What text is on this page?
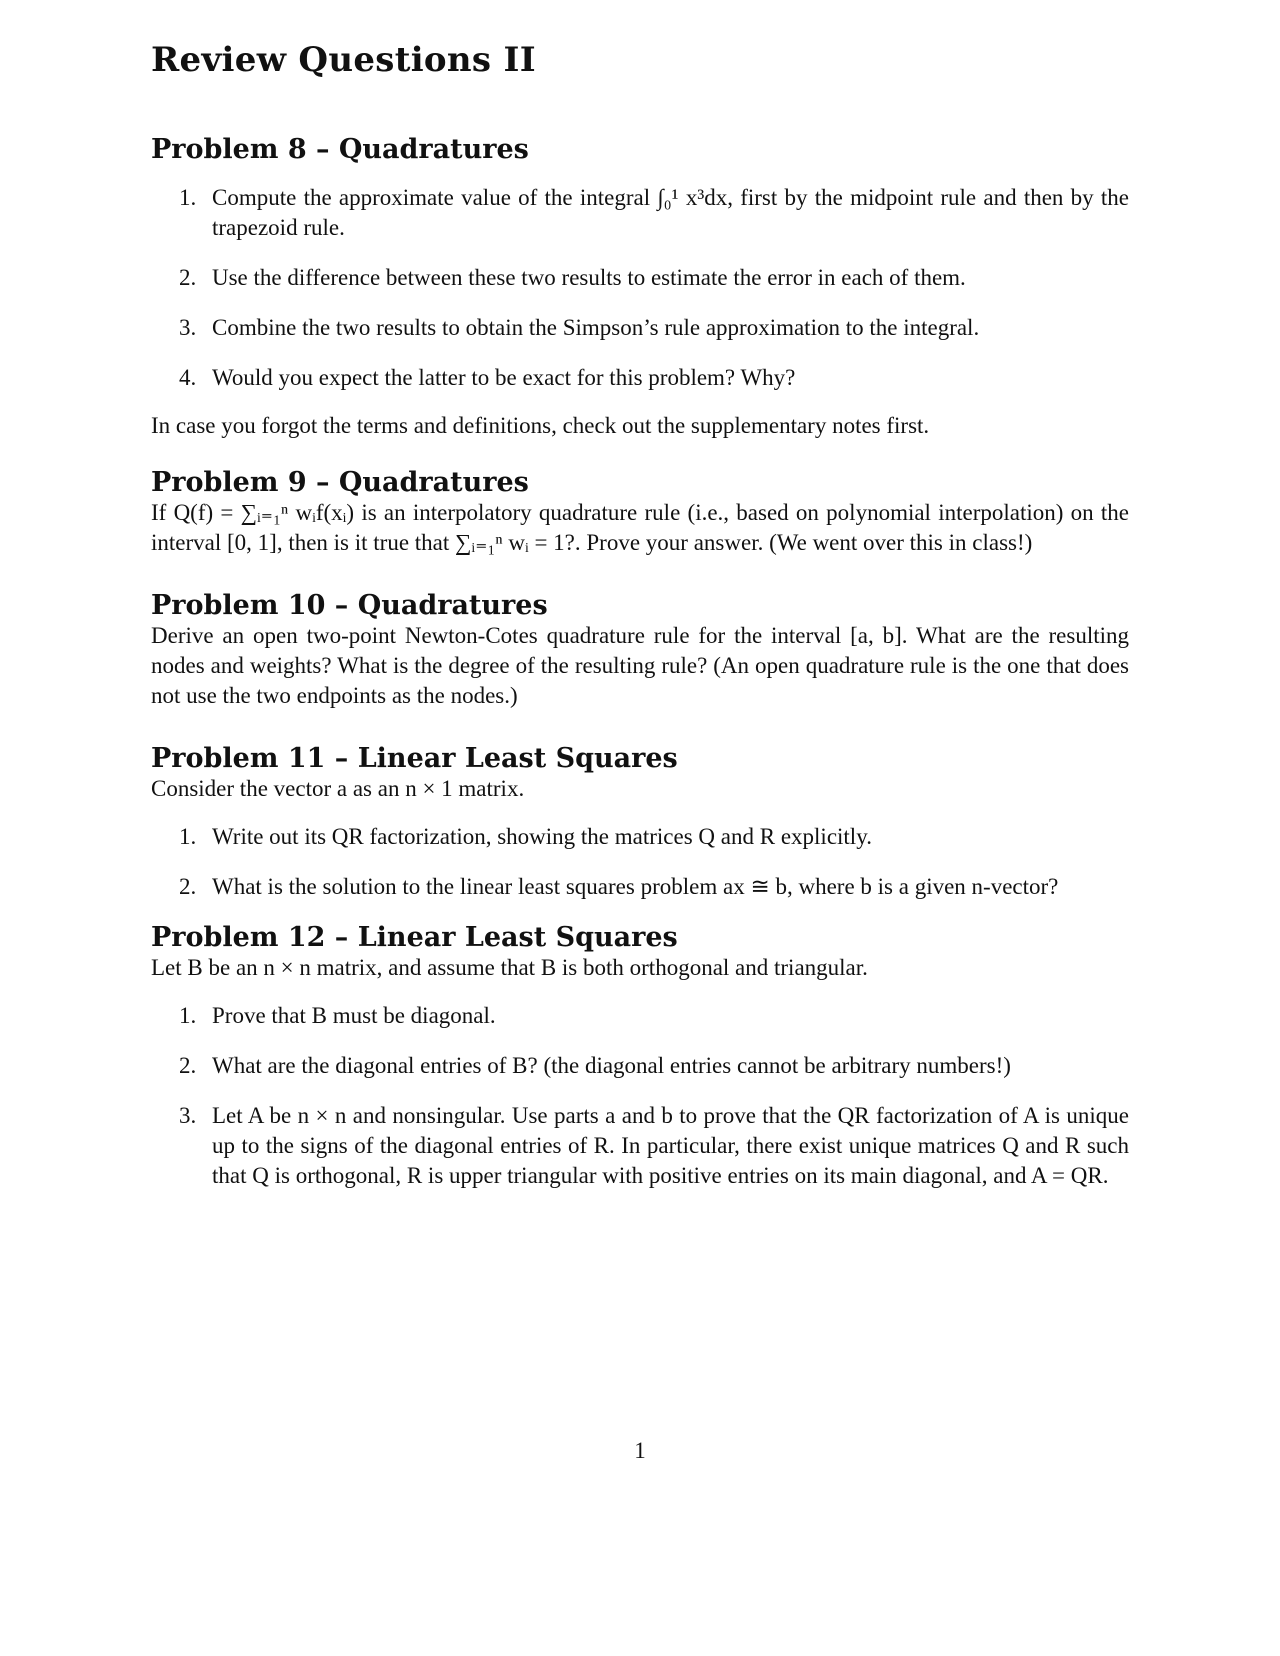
Review Questions II
Problem 8 – Quadratures
1. Compute the approximate value of the integral ∫₀¹ x³dx, first by the midpoint rule and then by the trapezoid rule.
2. Use the difference between these two results to estimate the error in each of them.
3. Combine the two results to obtain the Simpson’s rule approximation to the integral.
4. Would you expect the latter to be exact for this problem? Why?
In case you forgot the terms and definitions, check out the supplementary notes first.
Problem 9 – Quadratures
If Q(f) = ∑ᵢ₌₁ⁿ wᵢf(xᵢ) is an interpolatory quadrature rule (i.e., based on polynomial interpolation) on the interval [0, 1], then is it true that ∑ᵢ₌₁ⁿ wᵢ = 1?. Prove your answer. (We went over this in class!)
Problem 10 – Quadratures
Derive an open two-point Newton-Cotes quadrature rule for the interval [a, b]. What are the resulting nodes and weights? What is the degree of the resulting rule? (An open quadrature rule is the one that does not use the two endpoints as the nodes.)
Problem 11 – Linear Least Squares
Consider the vector a as an n × 1 matrix.
1. Write out its QR factorization, showing the matrices Q and R explicitly.
2. What is the solution to the linear least squares problem ax ≅ b, where b is a given n-vector?
Problem 12 – Linear Least Squares
Let B be an n × n matrix, and assume that B is both orthogonal and triangular.
1. Prove that B must be diagonal.
2. What are the diagonal entries of B? (the diagonal entries cannot be arbitrary numbers!)
3. Let A be n × n and nonsingular. Use parts a and b to prove that the QR factorization of A is unique up to the signs of the diagonal entries of R. In particular, there exist unique matrices Q and R such that Q is orthogonal, R is upper triangular with positive entries on its main diagonal, and A = QR.
1
